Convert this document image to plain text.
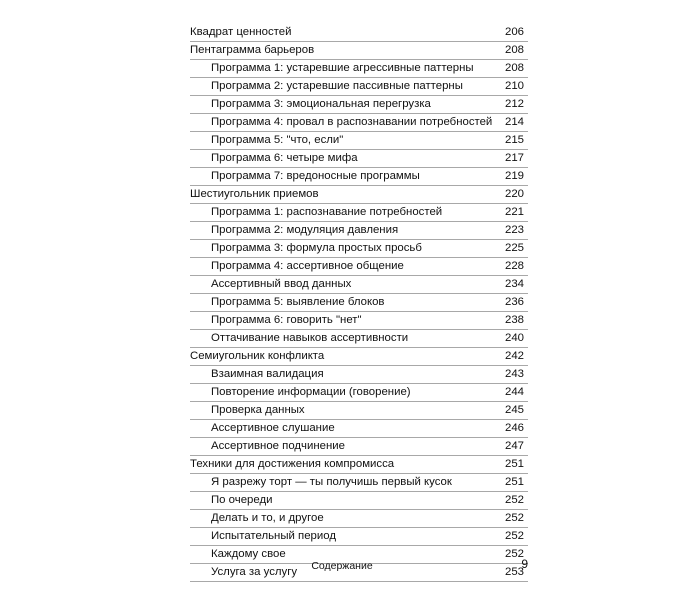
Квадрат ценностей	206
Пентаграмма барьеров	208
Программа 1: устаревшие агрессивные паттерны	208
Программа 2: устаревшие пассивные паттерны	210
Программа 3: эмоциональная перегрузка	212
Программа 4: провал в распознавании потребностей 214
Программа 5: "что, если"	215
Программа 6: четыре мифа	217
Программа 7: вредоносные программы	219
Шестиугольник приемов	220
Программа 1: распознавание потребностей	221
Программа 2: модуляция давления	223
Программа 3: формула простых просьб	225
Программа 4: ассертивное общение	228
Ассертивный ввод данных	234
Программа 5: выявление блоков	236
Программа 6: говорить "нет"	238
Оттачивание навыков ассертивности	240
Семиугольник конфликта	242
Взаимная валидация	243
Повторение информации (говорение)	244
Проверка данных	245
Ассертивное слушание	246
Ассертивное подчинение	247
Техники для достижения компромисса	251
Я разрежу торт — ты получишь первый кусок	251
По очереди	252
Делать и то, и другое	252
Испытательный период	252
Каждому свое	252
Услуга за услугу	253
Содержание	9
